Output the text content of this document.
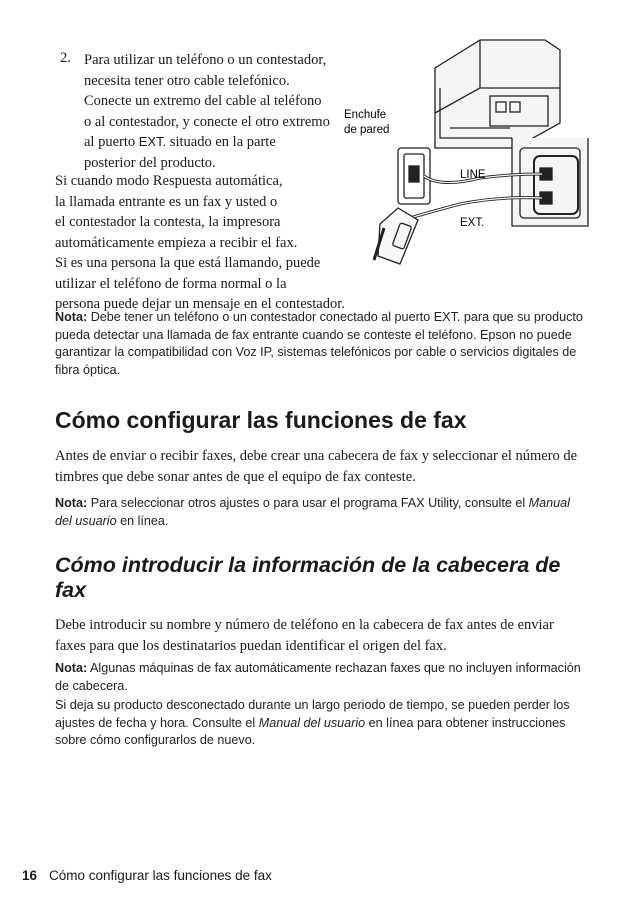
2. Para utilizar un teléfono o un contestador,
necesita tener otro cable telefónico.
Conecte un extremo del cable al teléfono
o al contestador, y conecte el otro extremo
al puerto EXT. situado en la parte
posterior del producto.
Si cuando modo Respuesta automática,
la llamada entrante es un fax y usted o
el contestador la contesta, la impresora
automáticamente empieza a recibir el fax.
Si es una persona la que está llamando, puede
utilizar el teléfono de forma normal o la
persona puede dejar un mensaje en el contestador.
Enchufe
de pared
LINE
EXT.
Nota: Debe tener un teléfono o un contestador conectado al puerto EXT. para que su producto pueda detectar una llamada de fax entrante cuando se conteste el teléfono. Epson no puede garantizar la compatibilidad con Voz IP, sistemas telefónicos por cable o servicios digitales de fibra óptica.
Cómo configurar las funciones de fax
Antes de enviar o recibir faxes, debe crear una cabecera de fax y seleccionar el número de timbres que debe sonar antes de que el equipo de fax conteste.
Nota: Para seleccionar otros ajustes o para usar el programa FAX Utility, consulte el Manual del usuario en línea.
Cómo introducir la información de la cabecera de fax
Debe introducir su nombre y número de teléfono en la cabecera de fax antes de enviar faxes para que los destinatarios puedan identificar el origen del fax.
Nota: Algunas máquinas de fax automáticamente rechazan faxes que no incluyen información de cabecera.
Si deja su producto desconectado durante un largo periodo de tiempo, se pueden perder los ajustes de fecha y hora. Consulte el Manual del usuario en línea para obtener instrucciones sobre cómo configurarlos de nuevo.
16 Cómo configurar las funciones de fax
